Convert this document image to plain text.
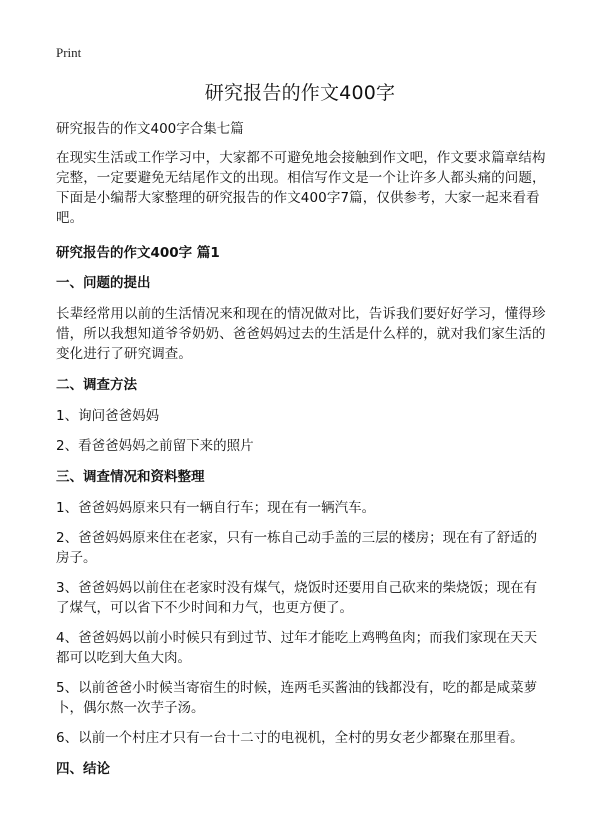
Print
研究报告的作文400字
研究报告的作文400字合集七篇

在现实生活或工作学习中，大家都不可避免地会接触到作文吧，作文要求篇章结构完整，一定要避免无结尾作文的出现。相信写作文是一个让许多人都头痛的问题，下面是小编帮大家整理的研究报告的作文400字7篇，仅供参考，大家一起来看看吧。

研究报告的作文400字 篇1
一、问题的提出

长辈经常用以前的生活情况来和现在的情况做对比，告诉我们要好好学习，懂得珍惜，所以我想知道爷爷奶奶、爸爸妈妈过去的生活是什么样的，就对我们家生活的变化进行了研究调查。

二、调查方法
1、询问爸爸妈妈
2、看爸爸妈妈之前留下来的照片
三、调查情况和资料整理
1、爸爸妈妈原来只有一辆自行车；现在有一辆汽车。
2、爸爸妈妈原来住在老家，只有一栋自己动手盖的三层的楼房；现在有了舒适的房子。
3、爸爸妈妈以前住在老家时没有煤气，烧饭时还要用自己砍来的柴烧饭；现在有了煤气，可以省下不少时间和力气，也更方便了。
4、爸爸妈妈以前小时候只有到过节、过年才能吃上鸡鸭鱼肉；而我们家现在天天都可以吃到大鱼大肉。
5、以前爸爸小时候当寄宿生的时候，连两毛买酱油的钱都没有，吃的都是咸菜萝卜，偶尔熬一次芋子汤。
6、以前一个村庄才只有一台十二寸的电视机，全村的男女老少都聚在那里看。
四、结论
